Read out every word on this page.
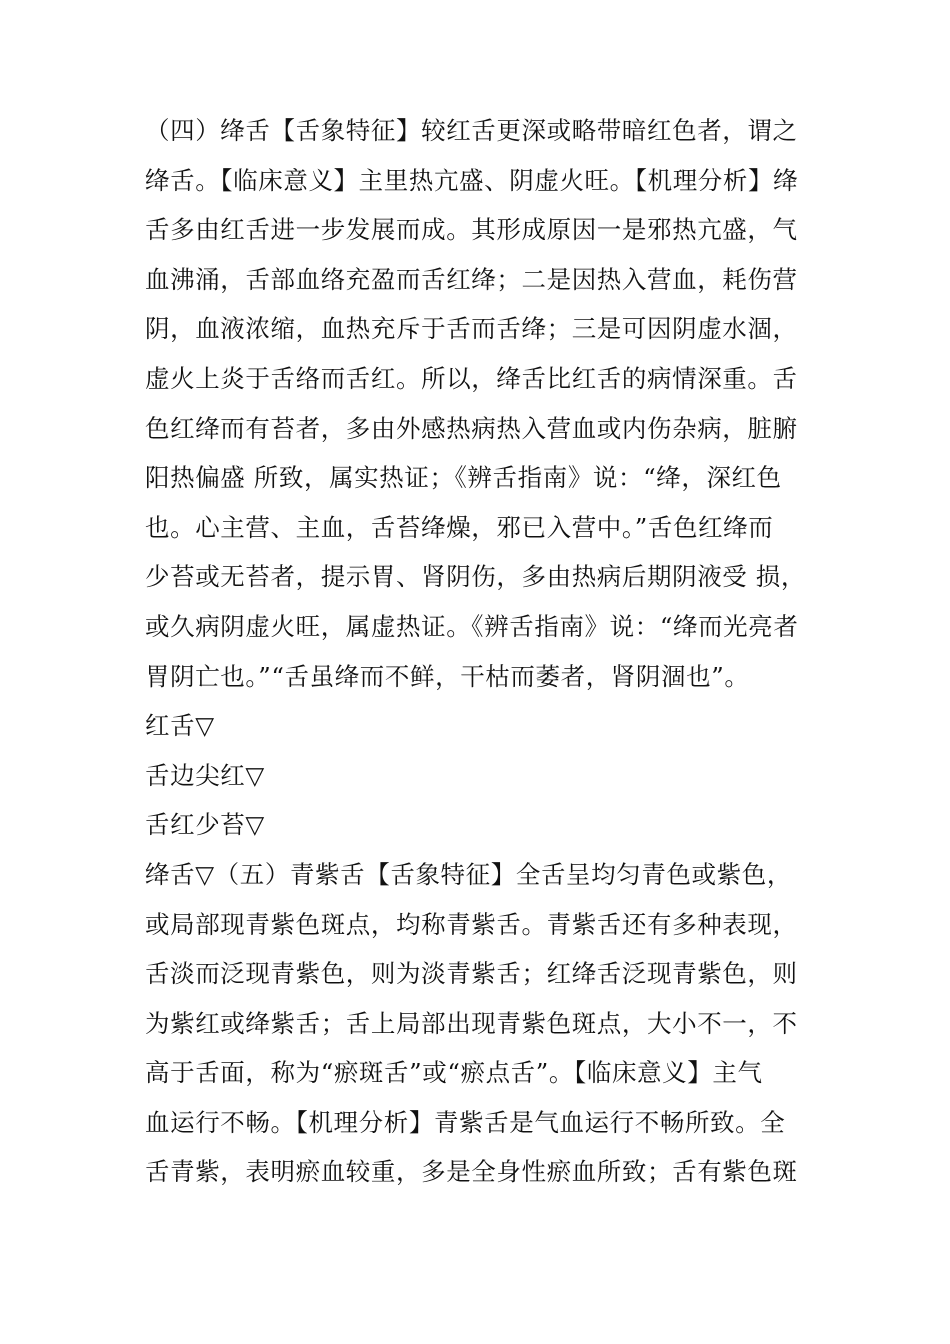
（四）绛舌【舌象特征】较红舌更深或略带暗红色者，谓之
绛舌。【临床意义】主里热亢盛、阴虚火旺。【机理分析】绛
舌多由红舌进一步发展而成。其形成原因一是邪热亢盛，气
血沸涌，舌部血络充盈而舌红绛；二是因热入营血，耗伤营
阴，血液浓缩，血热充斥于舌而舌绛；三是可因阴虚水涸，
虚火上炎于舌络而舌红。所以，绛舌比红舌的病情深重。舌
色红绛而有苔者，多由外感热病热入营血或内伤杂病，脏腑
阳热偏盛 所致，属实热证；《辨舌指南》说：“绛，深红色
也。心主营、主血，舌苔绛燥，邪已入营中。”舌色红绛而
少苔或无苔者，提示胃、肾阴伤，多由热病后期阴液受 损，
或久病阴虚火旺，属虚热证。《辨舌指南》说：“绛而光亮者
胃阴亡也。”“舌虽绛而不鲜，干枯而萎者，肾阴涸也”。
红舌▽
舌边尖红▽
舌红少苔▽
绛舌▽（五）青紫舌【舌象特征】全舌呈均匀青色或紫色，
或局部现青紫色斑点，均称青紫舌。青紫舌还有多种表现，
舌淡而泛现青紫色，则为淡青紫舌；红绛舌泛现青紫色，则
为紫红或绛紫舌；舌上局部出现青紫色斑点，大小不一，不
高于舌面，称为“瘀斑舌”或“瘀点舌”。【临床意义】主气
血运行不畅。【机理分析】青紫舌是气血运行不畅所致。全
舌青紫，表明瘀血较重，多是全身性瘀血所致；舌有紫色斑
